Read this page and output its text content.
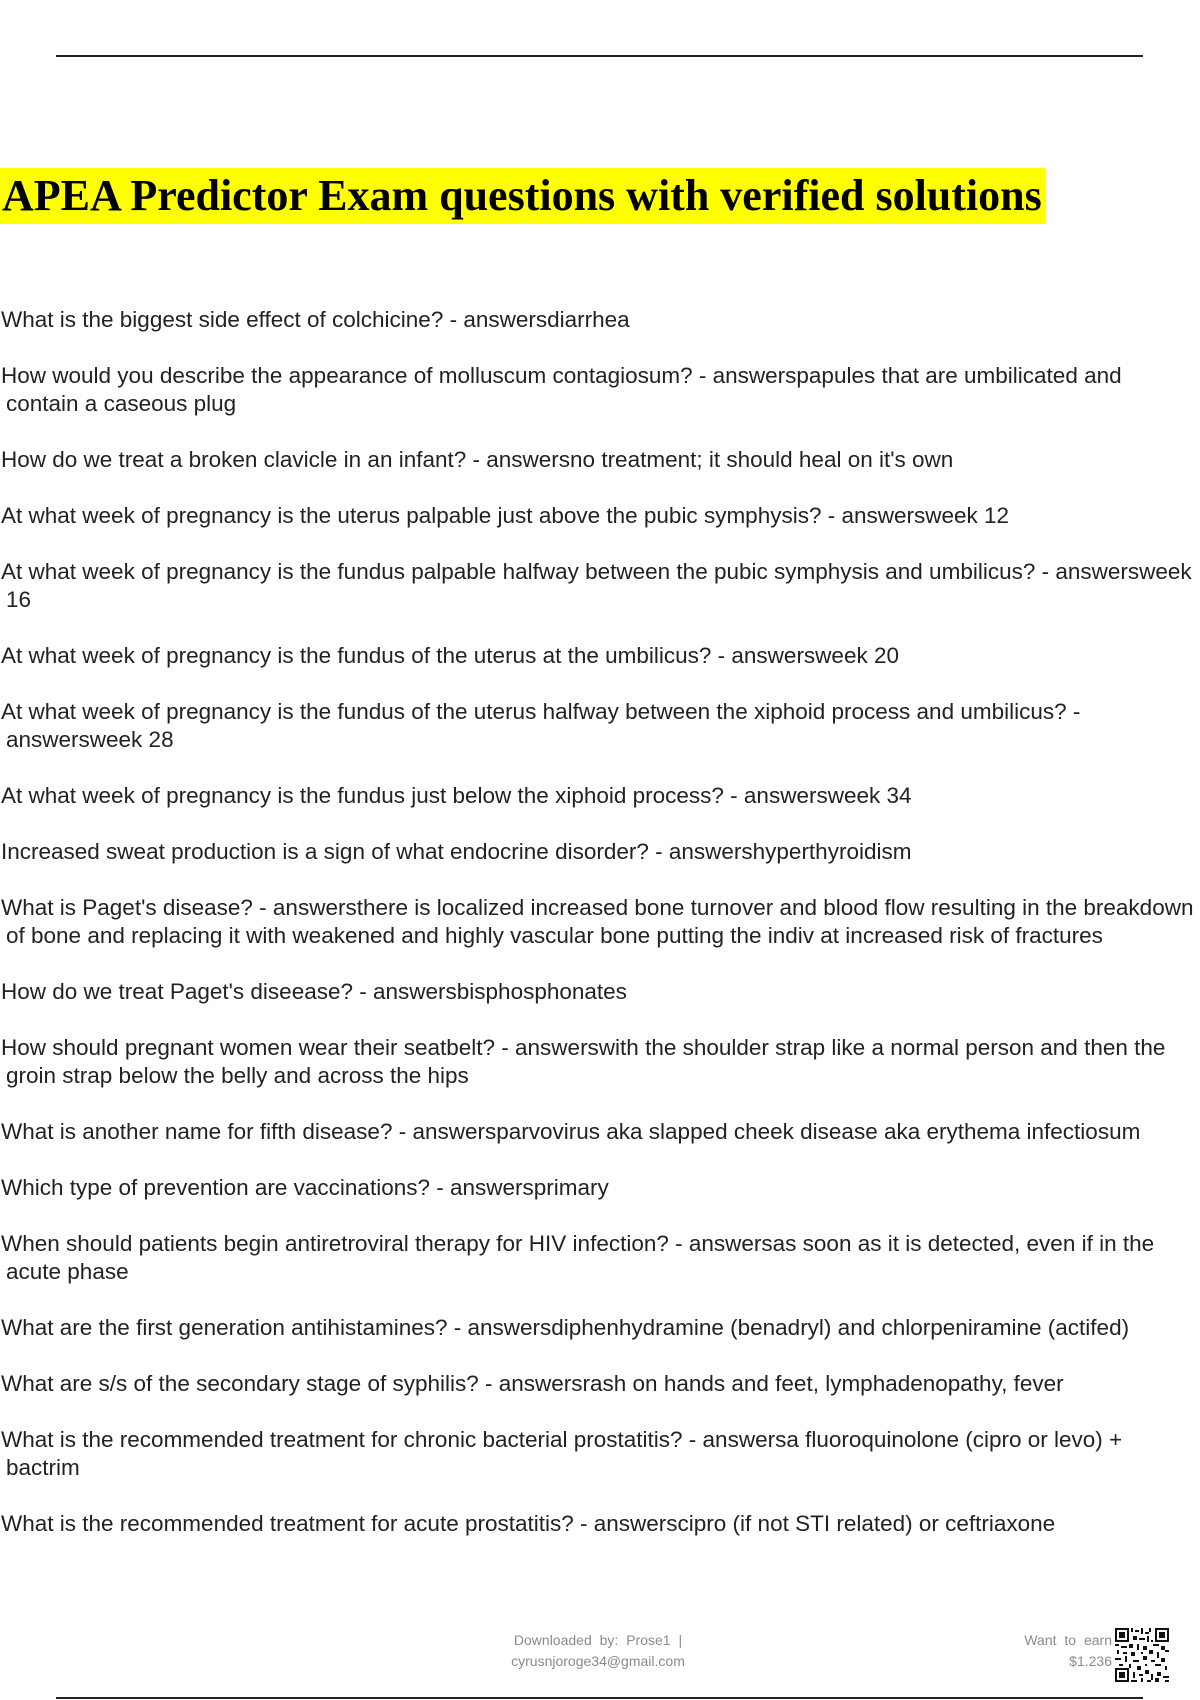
APEA Predictor Exam questions with verified solutions
What is the biggest side effect of colchicine? - answersdiarrhea
How would you describe the appearance of molluscum contagiosum? - answerspapules that are umbilicated and contain a caseous plug
How do we treat a broken clavicle in an infant? - answersno treatment; it should heal on it's own
At what week of pregnancy is the uterus palpable just above the pubic symphysis? - answersweek 12
At what week of pregnancy is the fundus palpable halfway between the pubic symphysis and umbilicus? - answersweek 16
At what week of pregnancy is the fundus of the uterus at the umbilicus? - answersweek 20
At what week of pregnancy is the fundus of the uterus halfway between the xiphoid process and umbilicus? - answersweek 28
At what week of pregnancy is the fundus just below the xiphoid process? - answersweek 34
Increased sweat production is a sign of what endocrine disorder? - answershyperthyroidism
What is Paget's disease? - answersthere is localized increased bone turnover and blood flow resulting in the breakdown of bone and replacing it with weakened and highly vascular bone putting the indiv at increased risk of fractures
How do we treat Paget's diseease? - answersbisphosphonates
How should pregnant women wear their seatbelt? - answerswith the shoulder strap like a normal person and then the groin strap below the belly and across the hips
What is another name for fifth disease? - answersparvovirus aka slapped cheek disease aka erythema infectiosum
Which type of prevention are vaccinations? - answersprimary
When should patients begin antiretroviral therapy for HIV infection? - answersas soon as it is detected, even if in the acute phase
What are the first generation antihistamines? - answersdiphenhydramine (benadryl) and chlorpeniramine (actifed)
What are s/s of the secondary stage of syphilis? - answersrash on hands and feet, lymphadenopathy, fever
What is the recommended treatment for chronic bacterial prostatitis? - answersa fluoroquinolone (cipro or levo) + bactrim
What is the recommended treatment for acute prostatitis? - answerscipro (if not STI related) or ceftriaxone
Downloaded by: Prose1 |
cyrusnjoroge34@gmail.com
Want to earn
$1.236
